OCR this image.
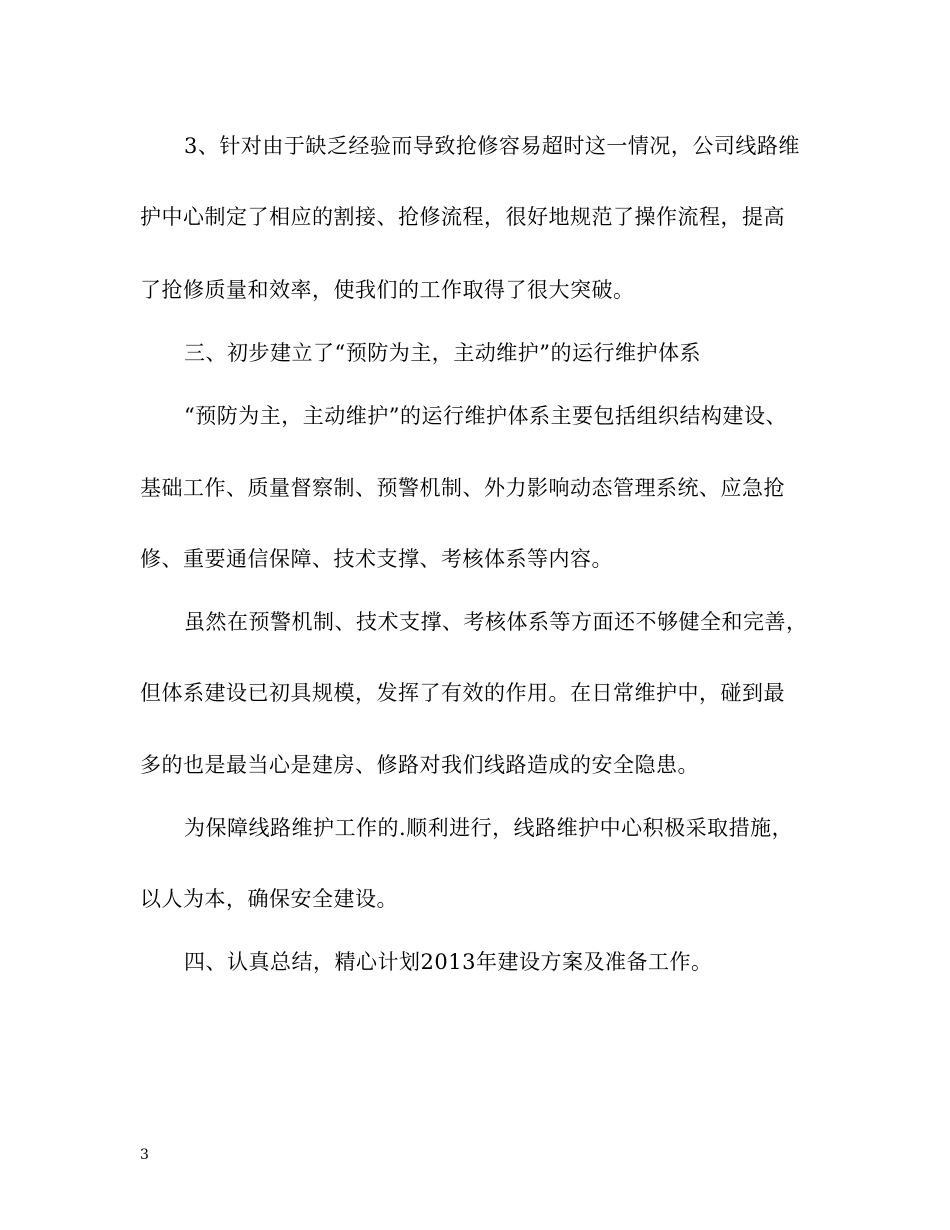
3、针对由于缺乏经验而导致抢修容易超时这一情况，公司线路维
护中心制定了相应的割接、抢修流程，很好地规范了操作流程，提高
了抢修质量和效率，使我们的工作取得了很大突破。
三、初步建立了“预防为主，主动维护”的运行维护体系
“预防为主，主动维护”的运行维护体系主要包括组织结构建设、
基础工作、质量督察制、预警机制、外力影响动态管理系统、应急抢
修、重要通信保障、技术支撑、考核体系等内容。
虽然在预警机制、技术支撑、考核体系等方面还不够健全和完善，
但体系建设已初具规模，发挥了有效的作用。在日常维护中，碰到最
多的也是最当心是建房、修路对我们线路造成的安全隐患。
为保障线路维护工作的.顺利进行，线路维护中心积极采取措施，
以人为本，确保安全建设。
四、认真总结，精心计划2013年建设方案及准备工作。
3
